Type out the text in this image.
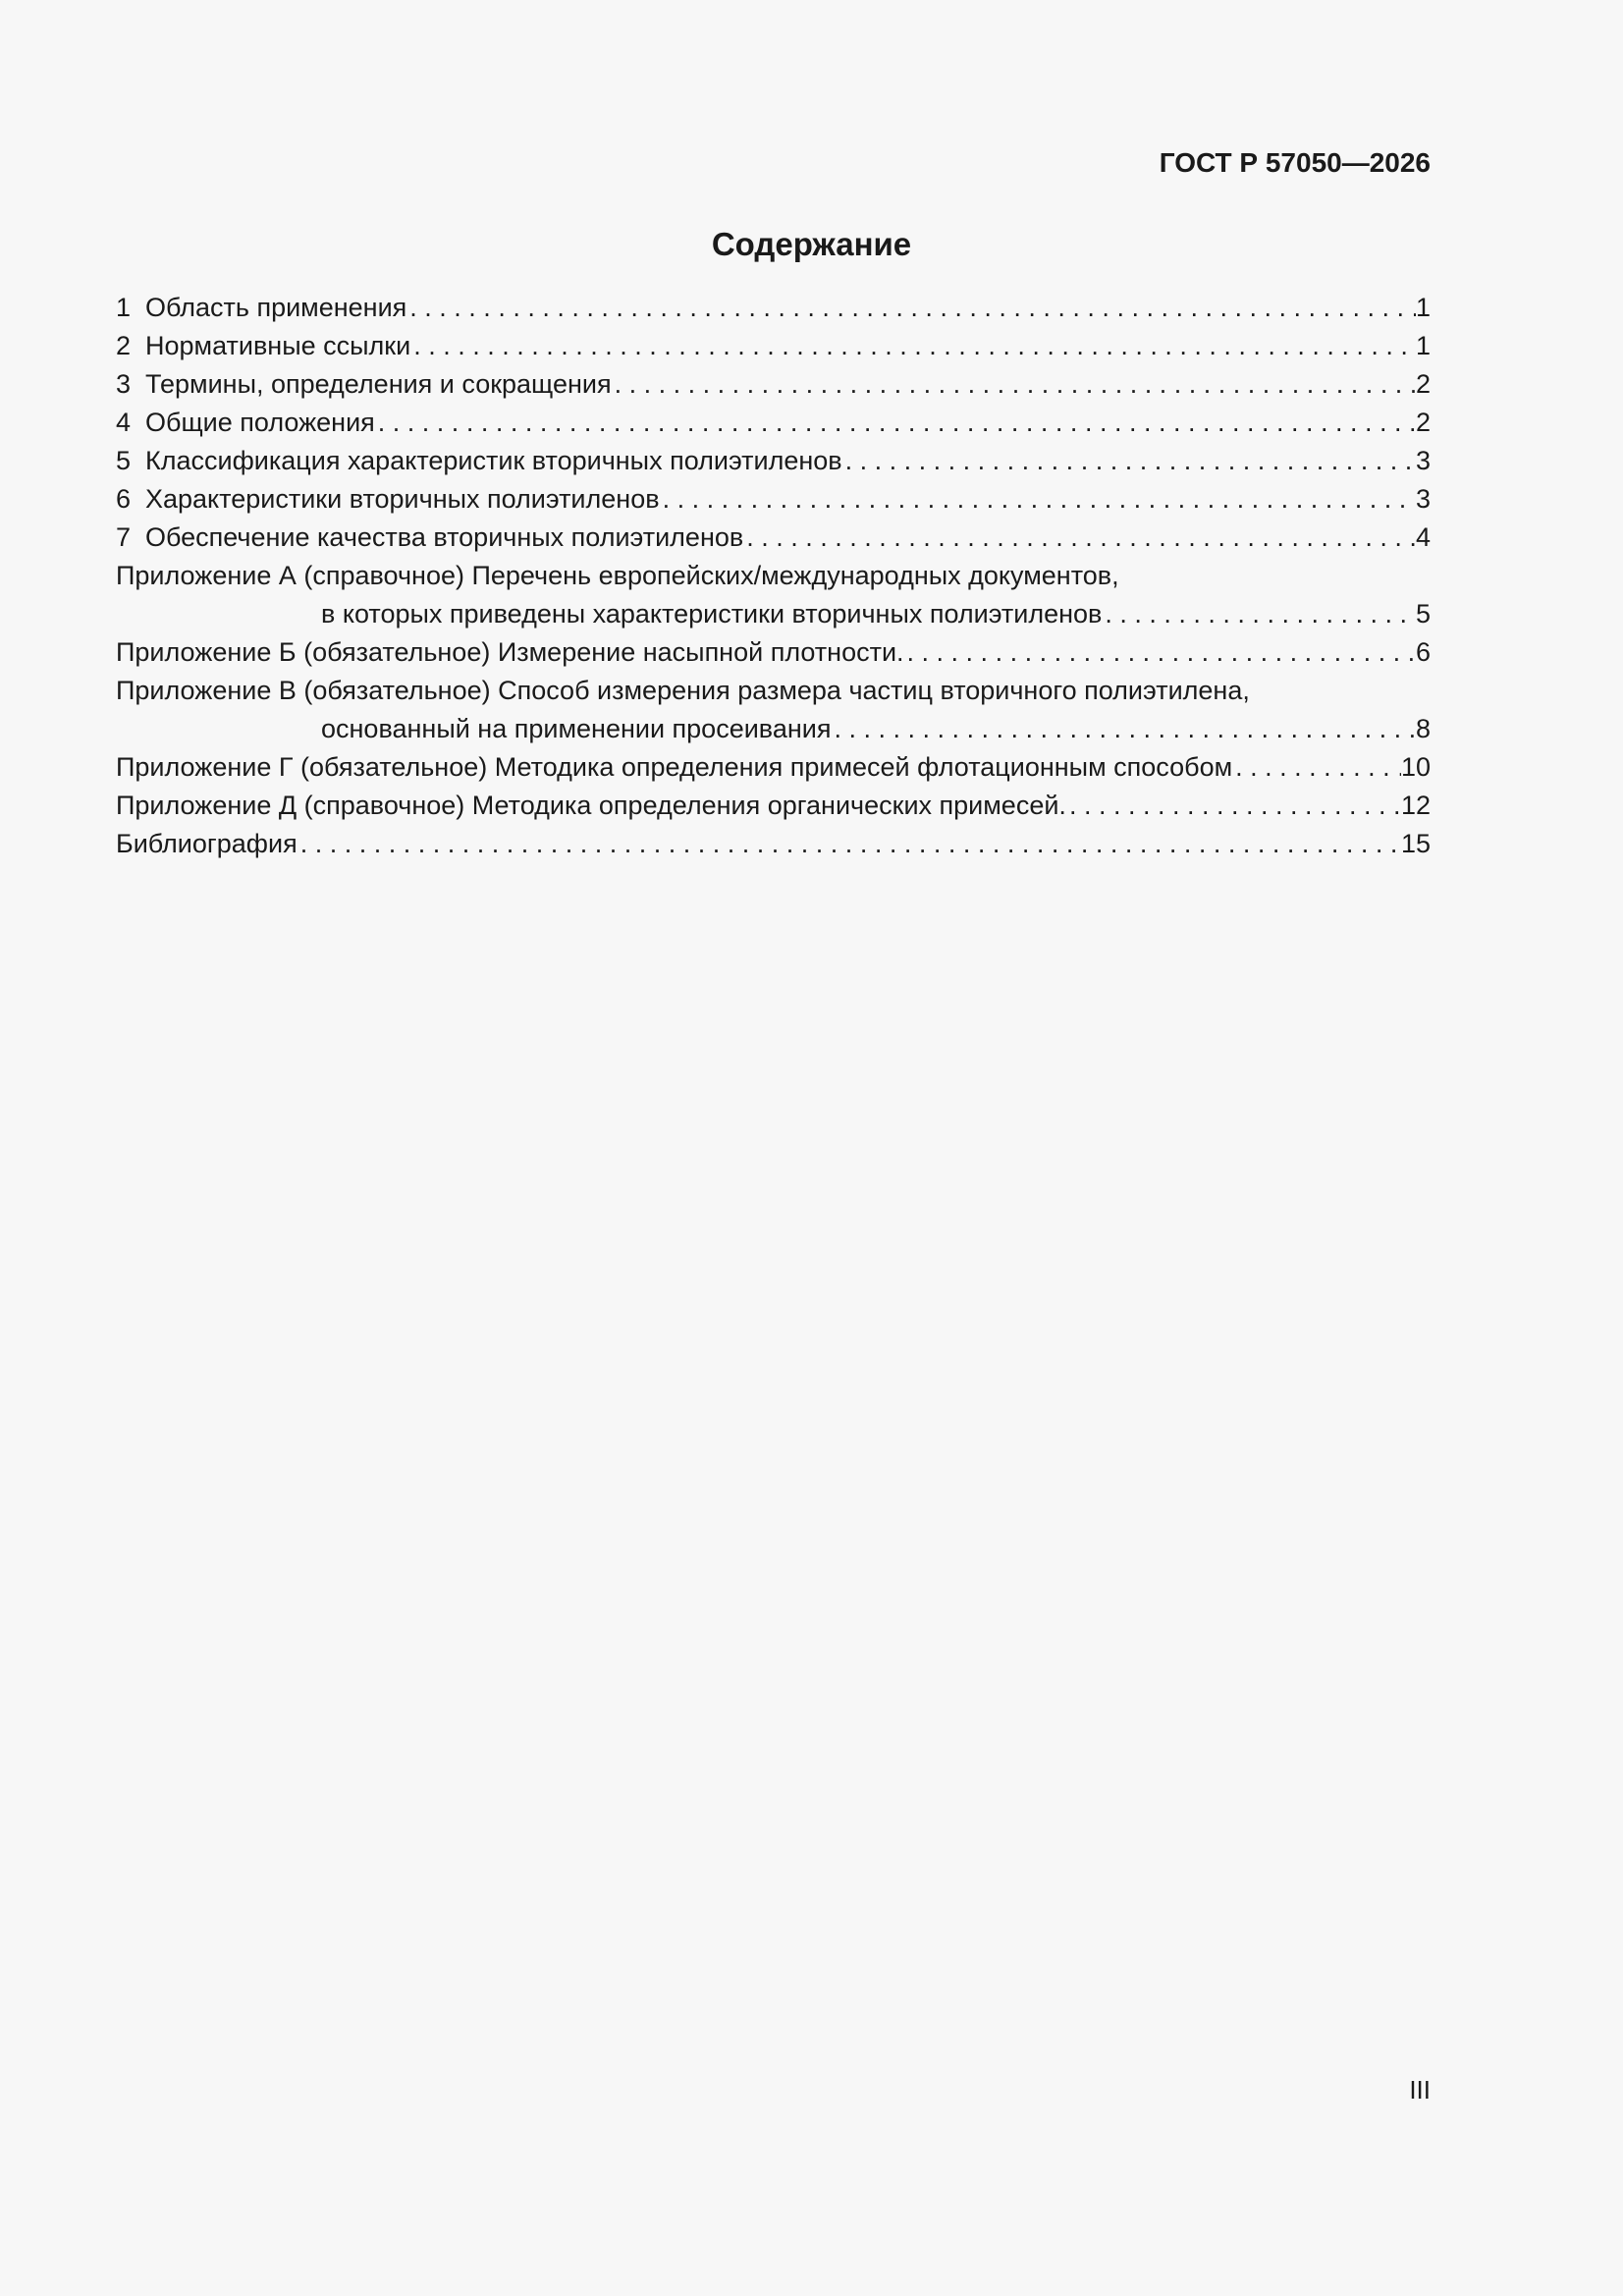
ГОСТ Р 57050—2026
Содержание
1 Область применения . . .	1
2 Нормативные ссылки . . .	1
3 Термины, определения и сокращения . . .	2
4 Общие положения . . .	2
5 Классификация характеристик вторичных полиэтиленов . . .	3
6 Характеристики вторичных полиэтиленов . . .	3
7 Обеспечение качества вторичных полиэтиленов . . .	4
Приложение А (справочное) Перечень европейских/международных документов,
в которых приведены характеристики вторичных полиэтиленов . . .	5
Приложение Б (обязательное) Измерение насыпной плотности. . . .	6
Приложение В (обязательное) Способ измерения размера частиц вторичного полиэтилена,
основанный на применении просеивания . . .	8
Приложение Г (обязательное) Методика определения примесей флотационным способом . . .	10
Приложение Д (справочное) Методика определения органических примесей. . . .	12
Библиография . . .	15
III
